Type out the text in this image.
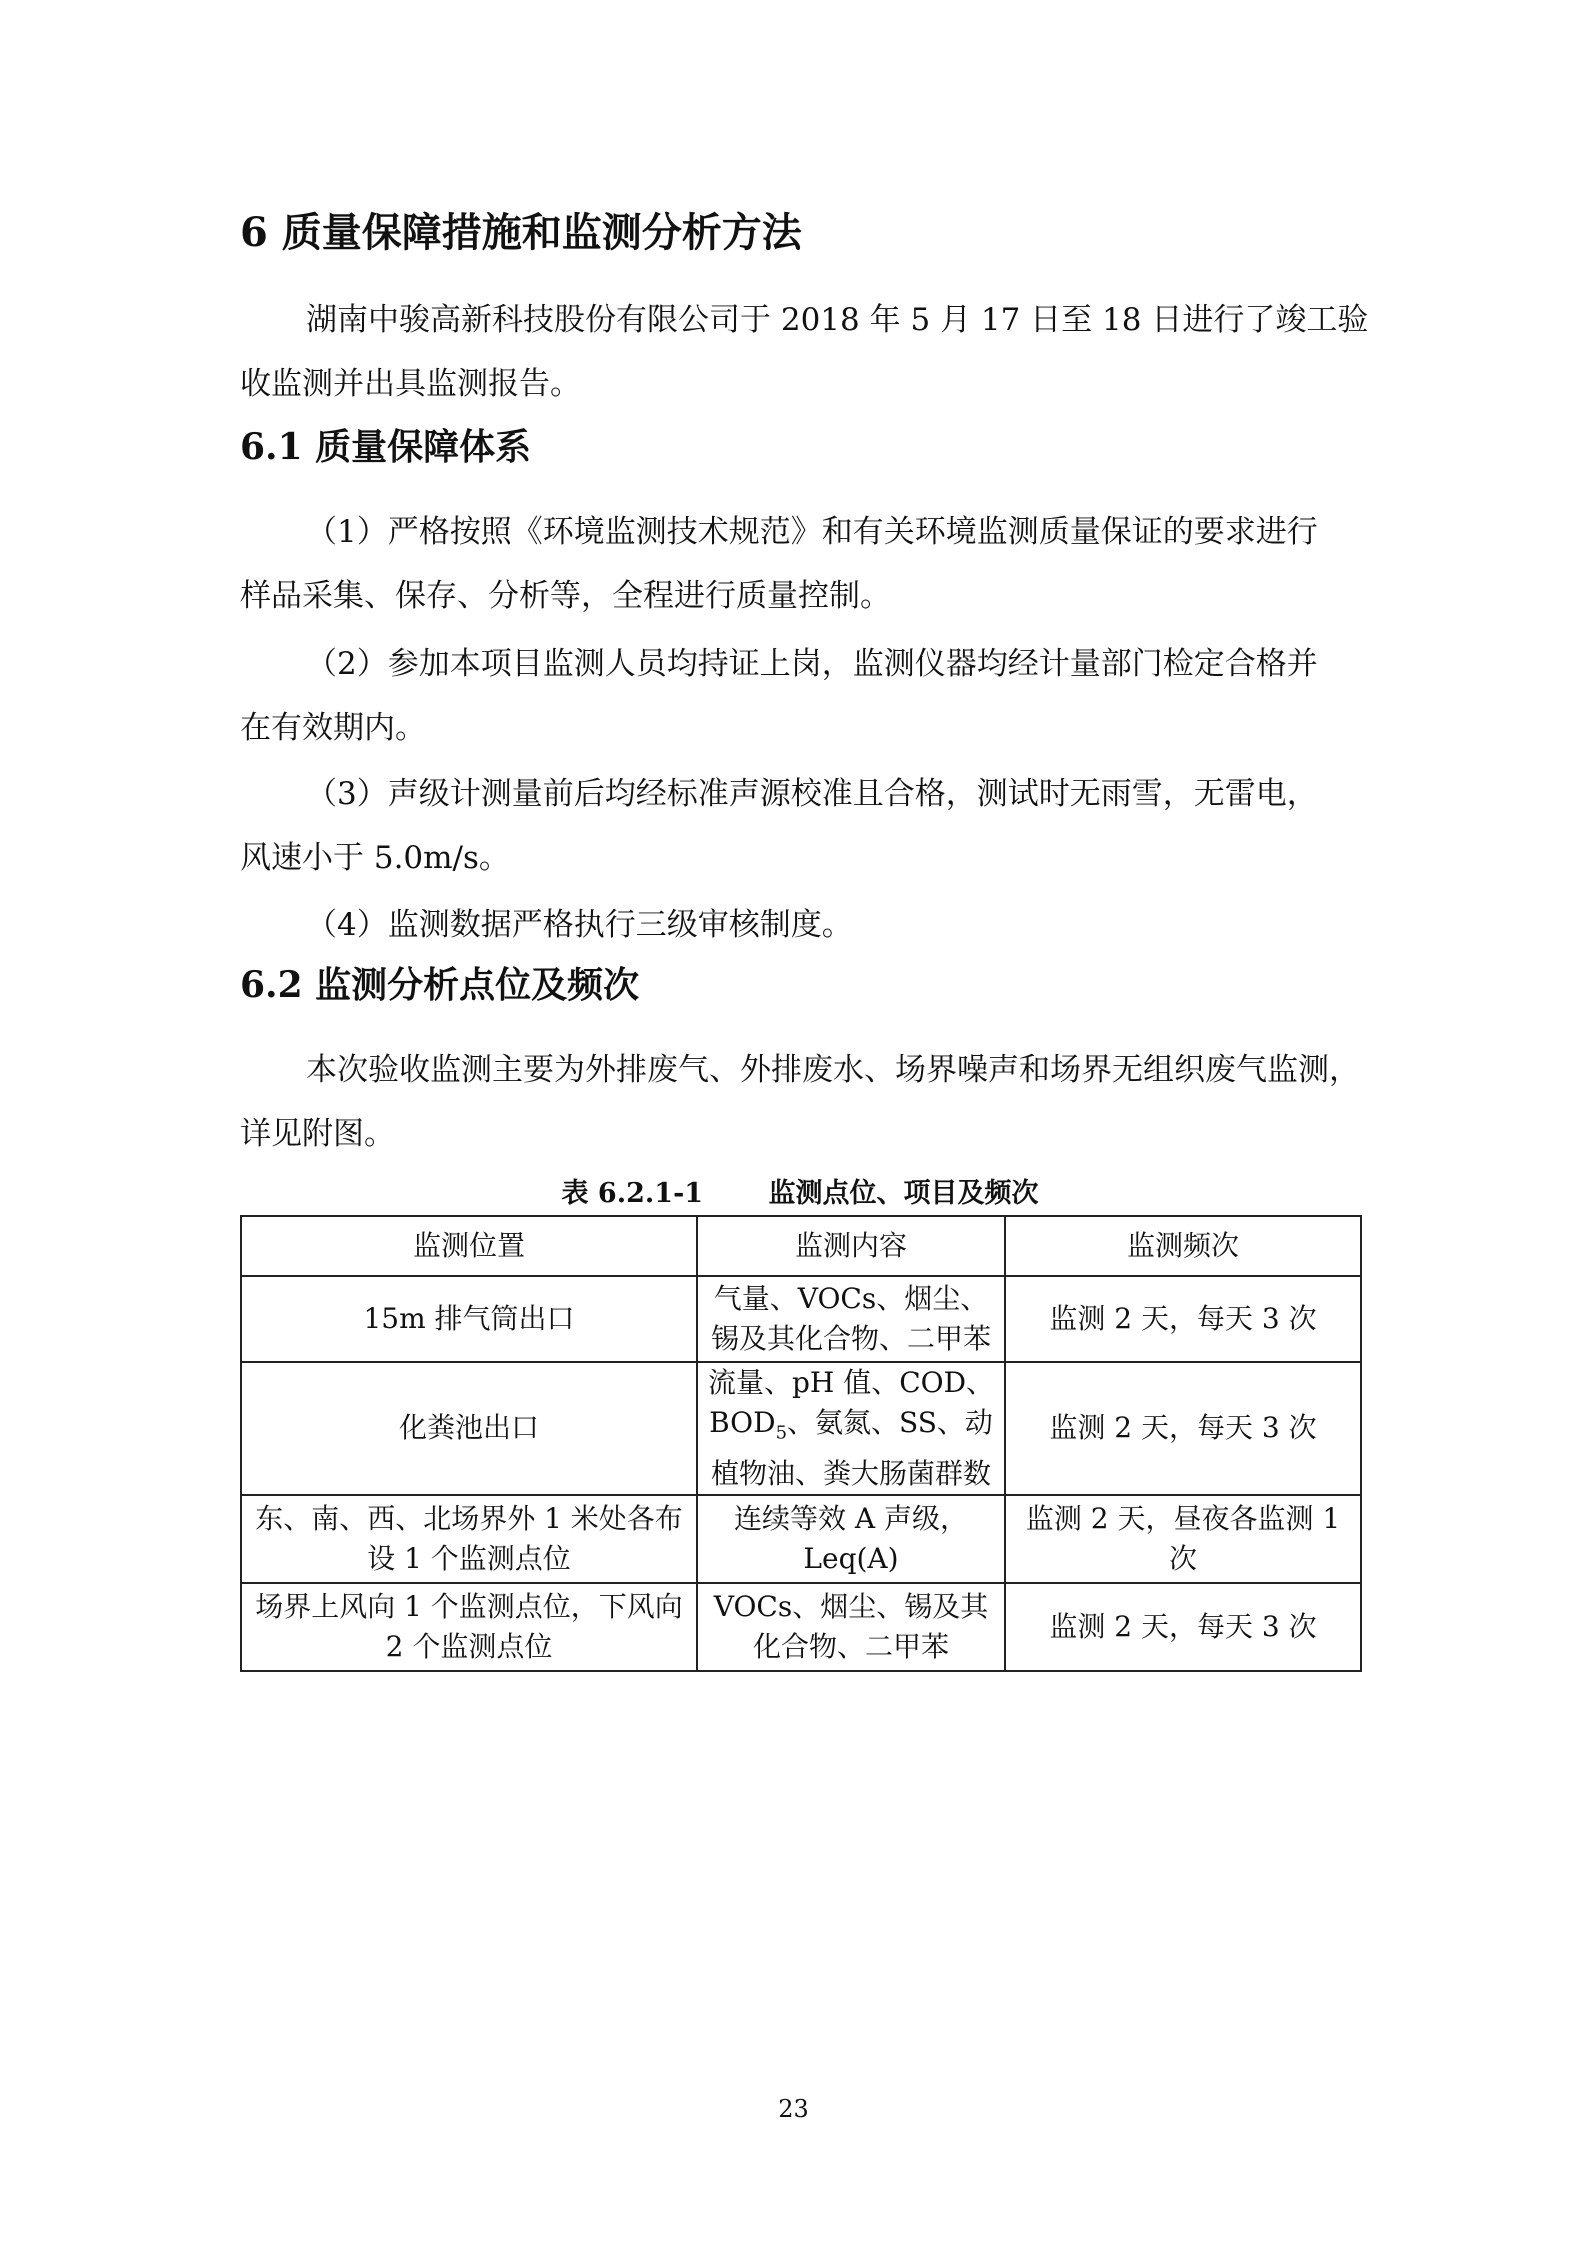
6 质量保障措施和监测分析方法
湖南中骏高新科技股份有限公司于 2018 年 5 月 17 日至 18 日进行了竣工验
收监测并出具监测报告。
6.1 质量保障体系
（1）严格按照《环境监测技术规范》和有关环境监测质量保证的要求进行
样品采集、保存、分析等，全程进行质量控制。
（2）参加本项目监测人员均持证上岗，监测仪器均经计量部门检定合格并
在有效期内。
（3）声级计测量前后均经标准声源校准且合格，测试时无雨雪，无雷电，
风速小于 5.0m/s。
（4）监测数据严格执行三级审核制度。
6.2 监测分析点位及频次
本次验收监测主要为外排废气、外排废水、场界噪声和场界无组织废气监测，
详见附图。
表 6.2.1-1 监测点位、项目及频次
监测位置	监测内容	监测频次
15m 排气筒出口	气量、VOCs、烟尘、
锡及其化合物、二甲苯	监测 2 天，每天 3 次
化粪池出口	流量、pH 值、COD、
$BOD_5$、氨氮、SS、动
植物油、粪大肠菌群数	监测 2 天，每天 3 次
东、南、西、北场界外 1 米处各布
设 1 个监测点位	连续等效 A 声级，
Leq(A)	监测 2 天，昼夜各监测 1 次
场界上风向 1 个监测点位，下风向
2 个监测点位	VOCs、烟尘、锡及其
化合物、二甲苯	监测 2 天，每天 3 次
23
